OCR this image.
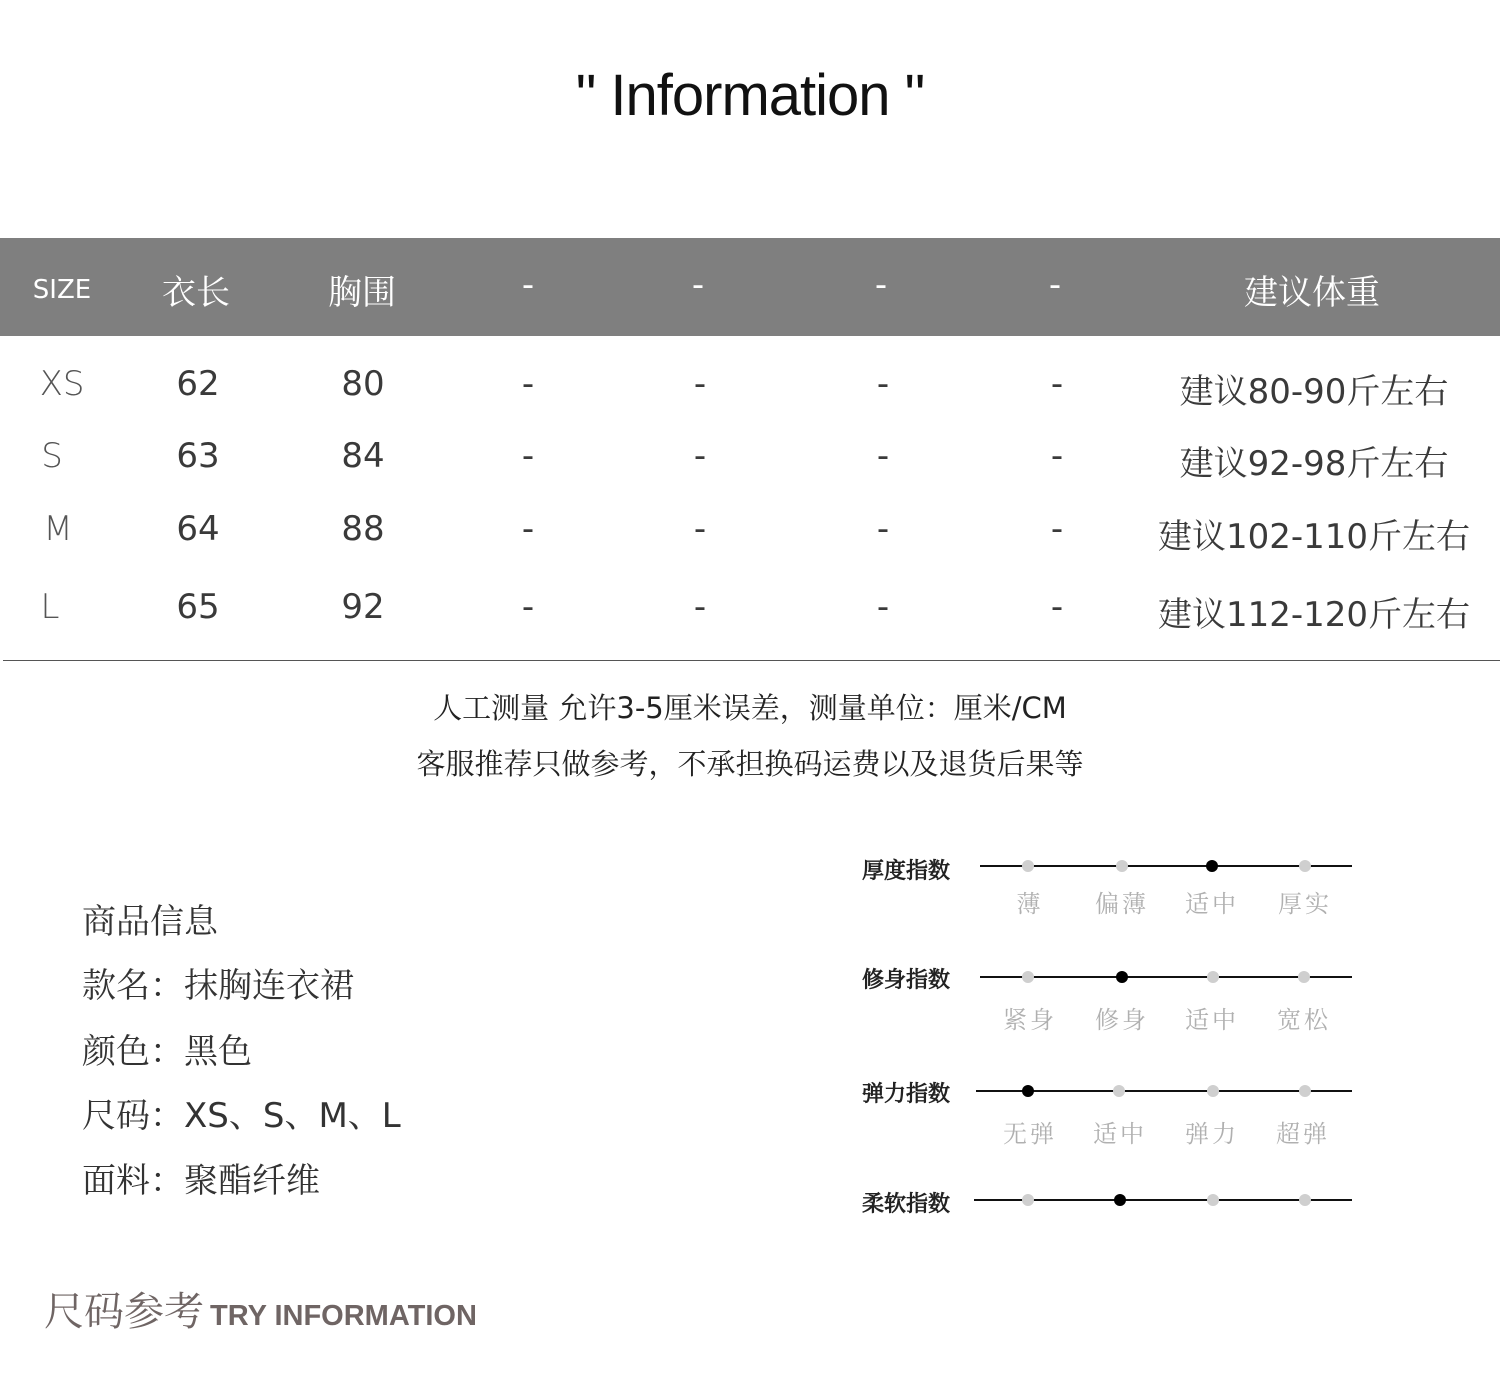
" Information "
SIZE 衣长	胸围	-	-	-	-	建议体重
XS	62	80	-	-	-	-	建议80-90斤左右
S	63	84	-	-	-	-	建议92-98斤左右
M	64	88	-	-	-	-	建议102-110斤左右
L	65	92	-	-	-	-	建议112-120斤左右
人工测量 允许3-5厘米误差，测量单位：厘米/CM
客服推荐只做参考，不承担换码运费以及退货后果等
商品信息
款名：抹胸连衣裙
颜色：黑色
尺码：XS、S、M、L
面料：聚酯纤维
厚度指数
薄 偏薄 适中 厚实
修身指数
紧身 修身 适中 宽松
弹力指数
无弹 适中 弹力 超弹
柔软指数
尺码参考 TRY INFORMATION
